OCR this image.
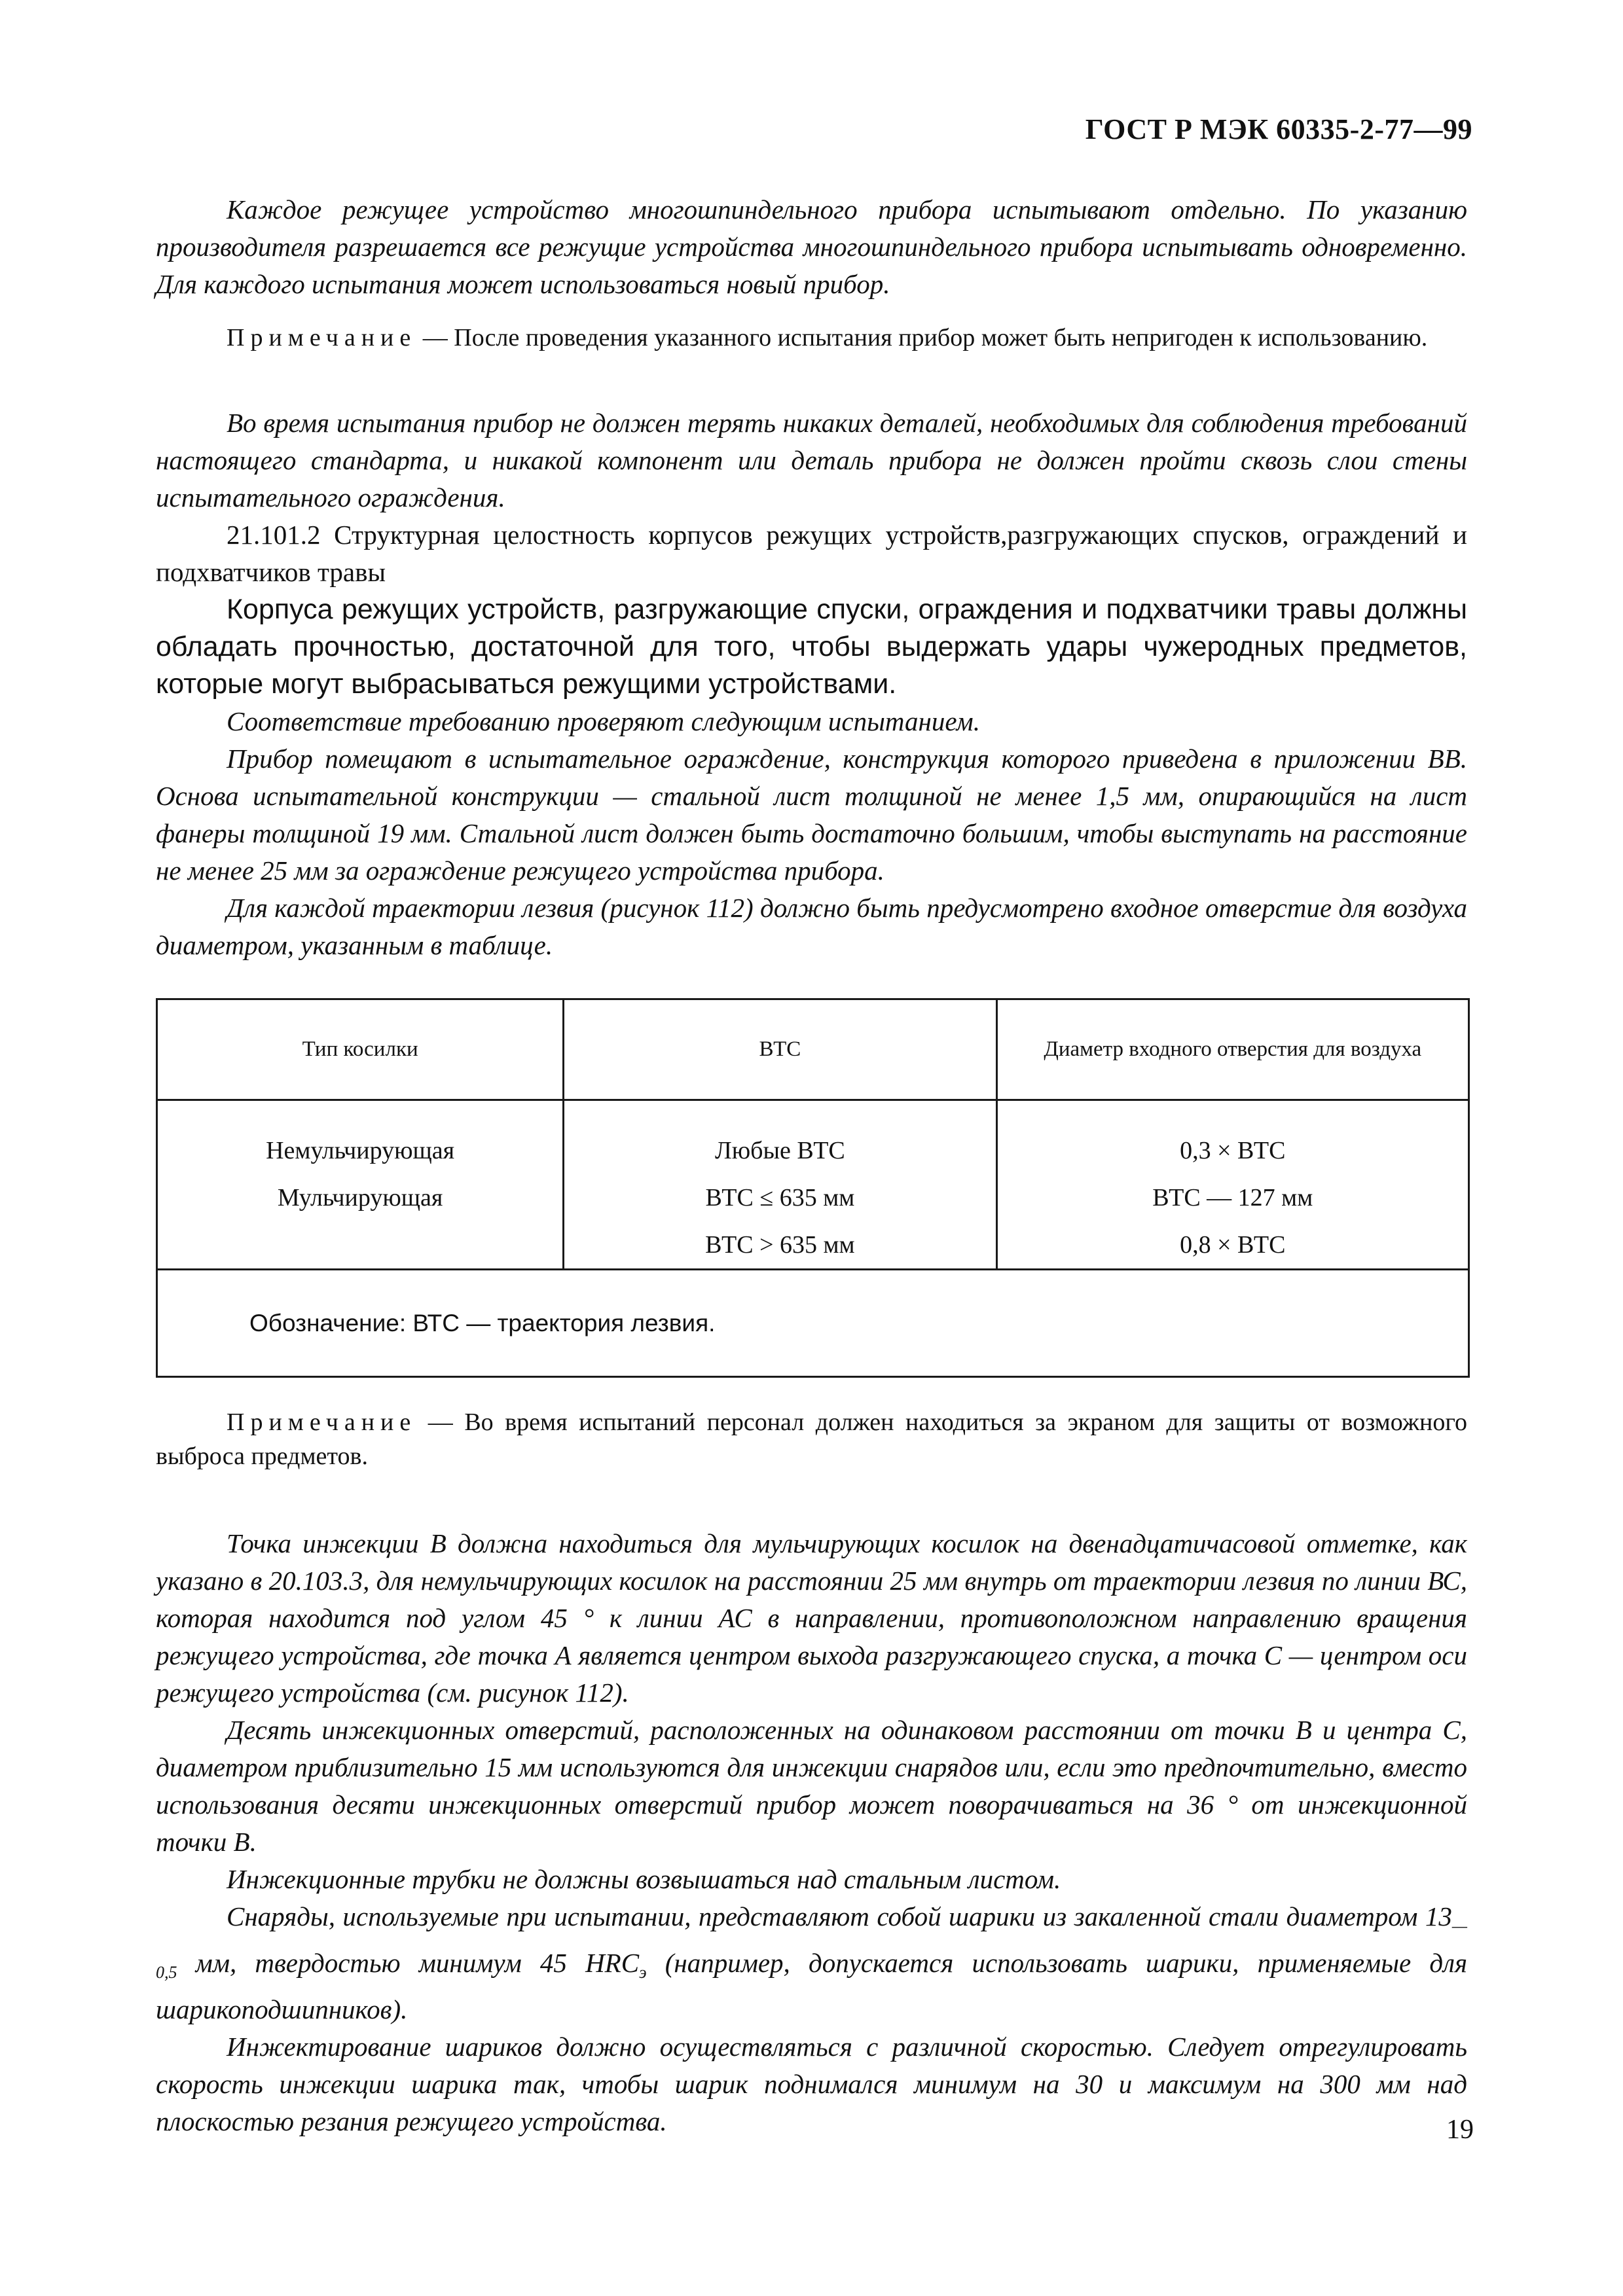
ГОСТ Р МЭК 60335-2-77—99

Каждое режущее устройство многошпиндельного прибора испытывают отдельно. По указанию производителя разрешается все режущие устройства многошпиндельного прибора испытывать одновременно. Для каждого испытания может использоваться новый прибор.

Примечание — После проведения указанного испытания прибор может быть непригоден к использованию.

Во время испытания прибор не должен терять никаких деталей, необходимых для соблюдения требований настоящего стандарта, и никакой компонент или деталь прибора не должен пройти сквозь слои стены испытательного ограждения.

21.101.2 Структурная целостность корпусов режущих устройств,разгружающих спусков, ограждений и подхватчиков травы

Корпуса режущих устройств, разгружающие спуски, ограждения и подхватчики травы должны обладать прочностью, достаточной для того, чтобы выдержать удары чужеродных предметов, которые могут выбрасываться режущими устройствами.

Соответствие требованию проверяют следующим испытанием.

Прибор помещают в испытательное ограждение, конструкция которого приведена в приложении ВВ. Основа испытательной конструкции — стальной лист толщиной не менее 1,5 мм, опирающийся на лист фанеры толщиной 19 мм. Стальной лист должен быть достаточно большим, чтобы выступать на расстояние не менее 25 мм за ограждение режущего устройства прибора.

Для каждой траектории лезвия (рисунок 112) должно быть предусмотрено входное отверстие для воздуха диаметром, указанным в таблице.

Тип косилки	ВТС	Диаметр входного отверстия для воздуха
Немульчирующая	Любые ВТС	0,3 × ВТС
Мульчирующая	ВТС ≤ 635 мм	ВТС — 127 мм
	ВТС > 635 мм	0,8 × ВТС
Обозначение: ВТС — траектория лезвия.		

Примечание — Во время испытаний персонал должен находиться за экраном для защиты от возможного выброса предметов.

Точка инжекции В должна находиться для мульчирующих косилок на двенадцатичасовой отметке, как указано в 20.103.3, для немульчирующих косилок на расстоянии 25 мм внутрь от траектории лезвия по линии ВС, которая находится под углом 45 ° к линии АС в направлении, противоположном направлению вращения режущего устройства, где точка А является центром выхода разгружающего спуска, а точка С — центром оси режущего устройства (см. рисунок 112).

Десять инжекционных отверстий, расположенных на одинаковом расстоянии от точки В и центра С, диаметром приблизительно 15 мм используются для инжекции снарядов или, если это предпочтительно, вместо использования десяти инжекционных отверстий прибор может поворачиваться на 36 ° от инжекционной точки В.

Инжекционные трубки не должны возвышаться над стальным листом.

Снаряды, используемые при испытании, представляют собой шарики из закаленной стали диаметром $13_{—0,5}$ мм, твердостью минимум 45 $HRC_э$ (например, допускается использовать шарики, применяемые для шарикоподшипников).

Инжектирование шариков должно осуществляться с различной скоростью. Следует отрегулировать скорость инжекции шарика так, чтобы шарик поднимался минимум на 30 и максимум на 300 мм над плоскостью резания режущего устройства.	19
